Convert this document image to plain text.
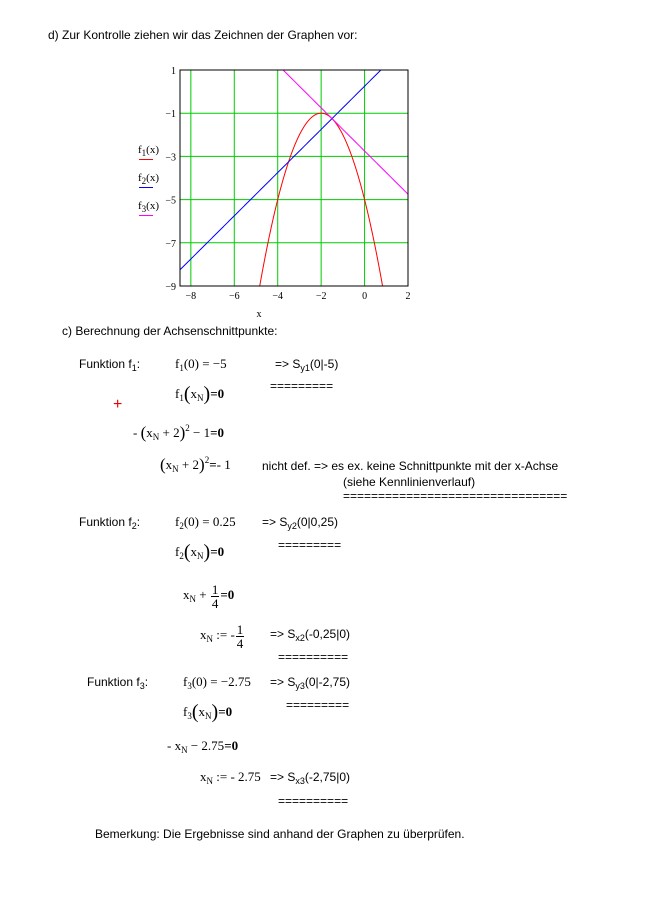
d) Zur Kontrolle ziehen wir das Zeichnen der Graphen vor:
−8	−6	−4	−2	0	2
1
−1
−3
−5
−7
−9
x
$f_1(x)$
$f_2(x)$
$f_3(x)$
c) Berechnung der Achsenschnittpunkte:
Funktion $f_1$:	$f_1(0) = -5$	=> $S_{y1}(0|-5)$
=========
$f_1(x_N)=0$
+
- $(x_N + 2)^2 - 1=0$
$(x_N + 2)^2=-$ 1	nicht def. => es ex. keine Schnittpunkte mit der x-Achse
(siehe Kennlinienverlauf)
================================
Funktion $f_2$:	$f_2(0) = 0.25 => S_{y2}(0|0,25)$
=========
$f_2(x_N)=0$
$x_N + \frac{1}{4} =0$
$x_N$ := - $\frac{1}{4} => S_{x2}(-0,25|0)$
==========
Funktion $f_3$:	$f_3(0) = -2.75 => S_{y3}(0|-2,75)$
=========
$f_3(x_N)=0$
- $x_N - 2.75=0$
$x_N$ := - $2.75 => S_{x3}(-2,75|0)$
==========
Bemerkung: Die Ergebnisse sind anhand der Graphen zu überprüfen.
